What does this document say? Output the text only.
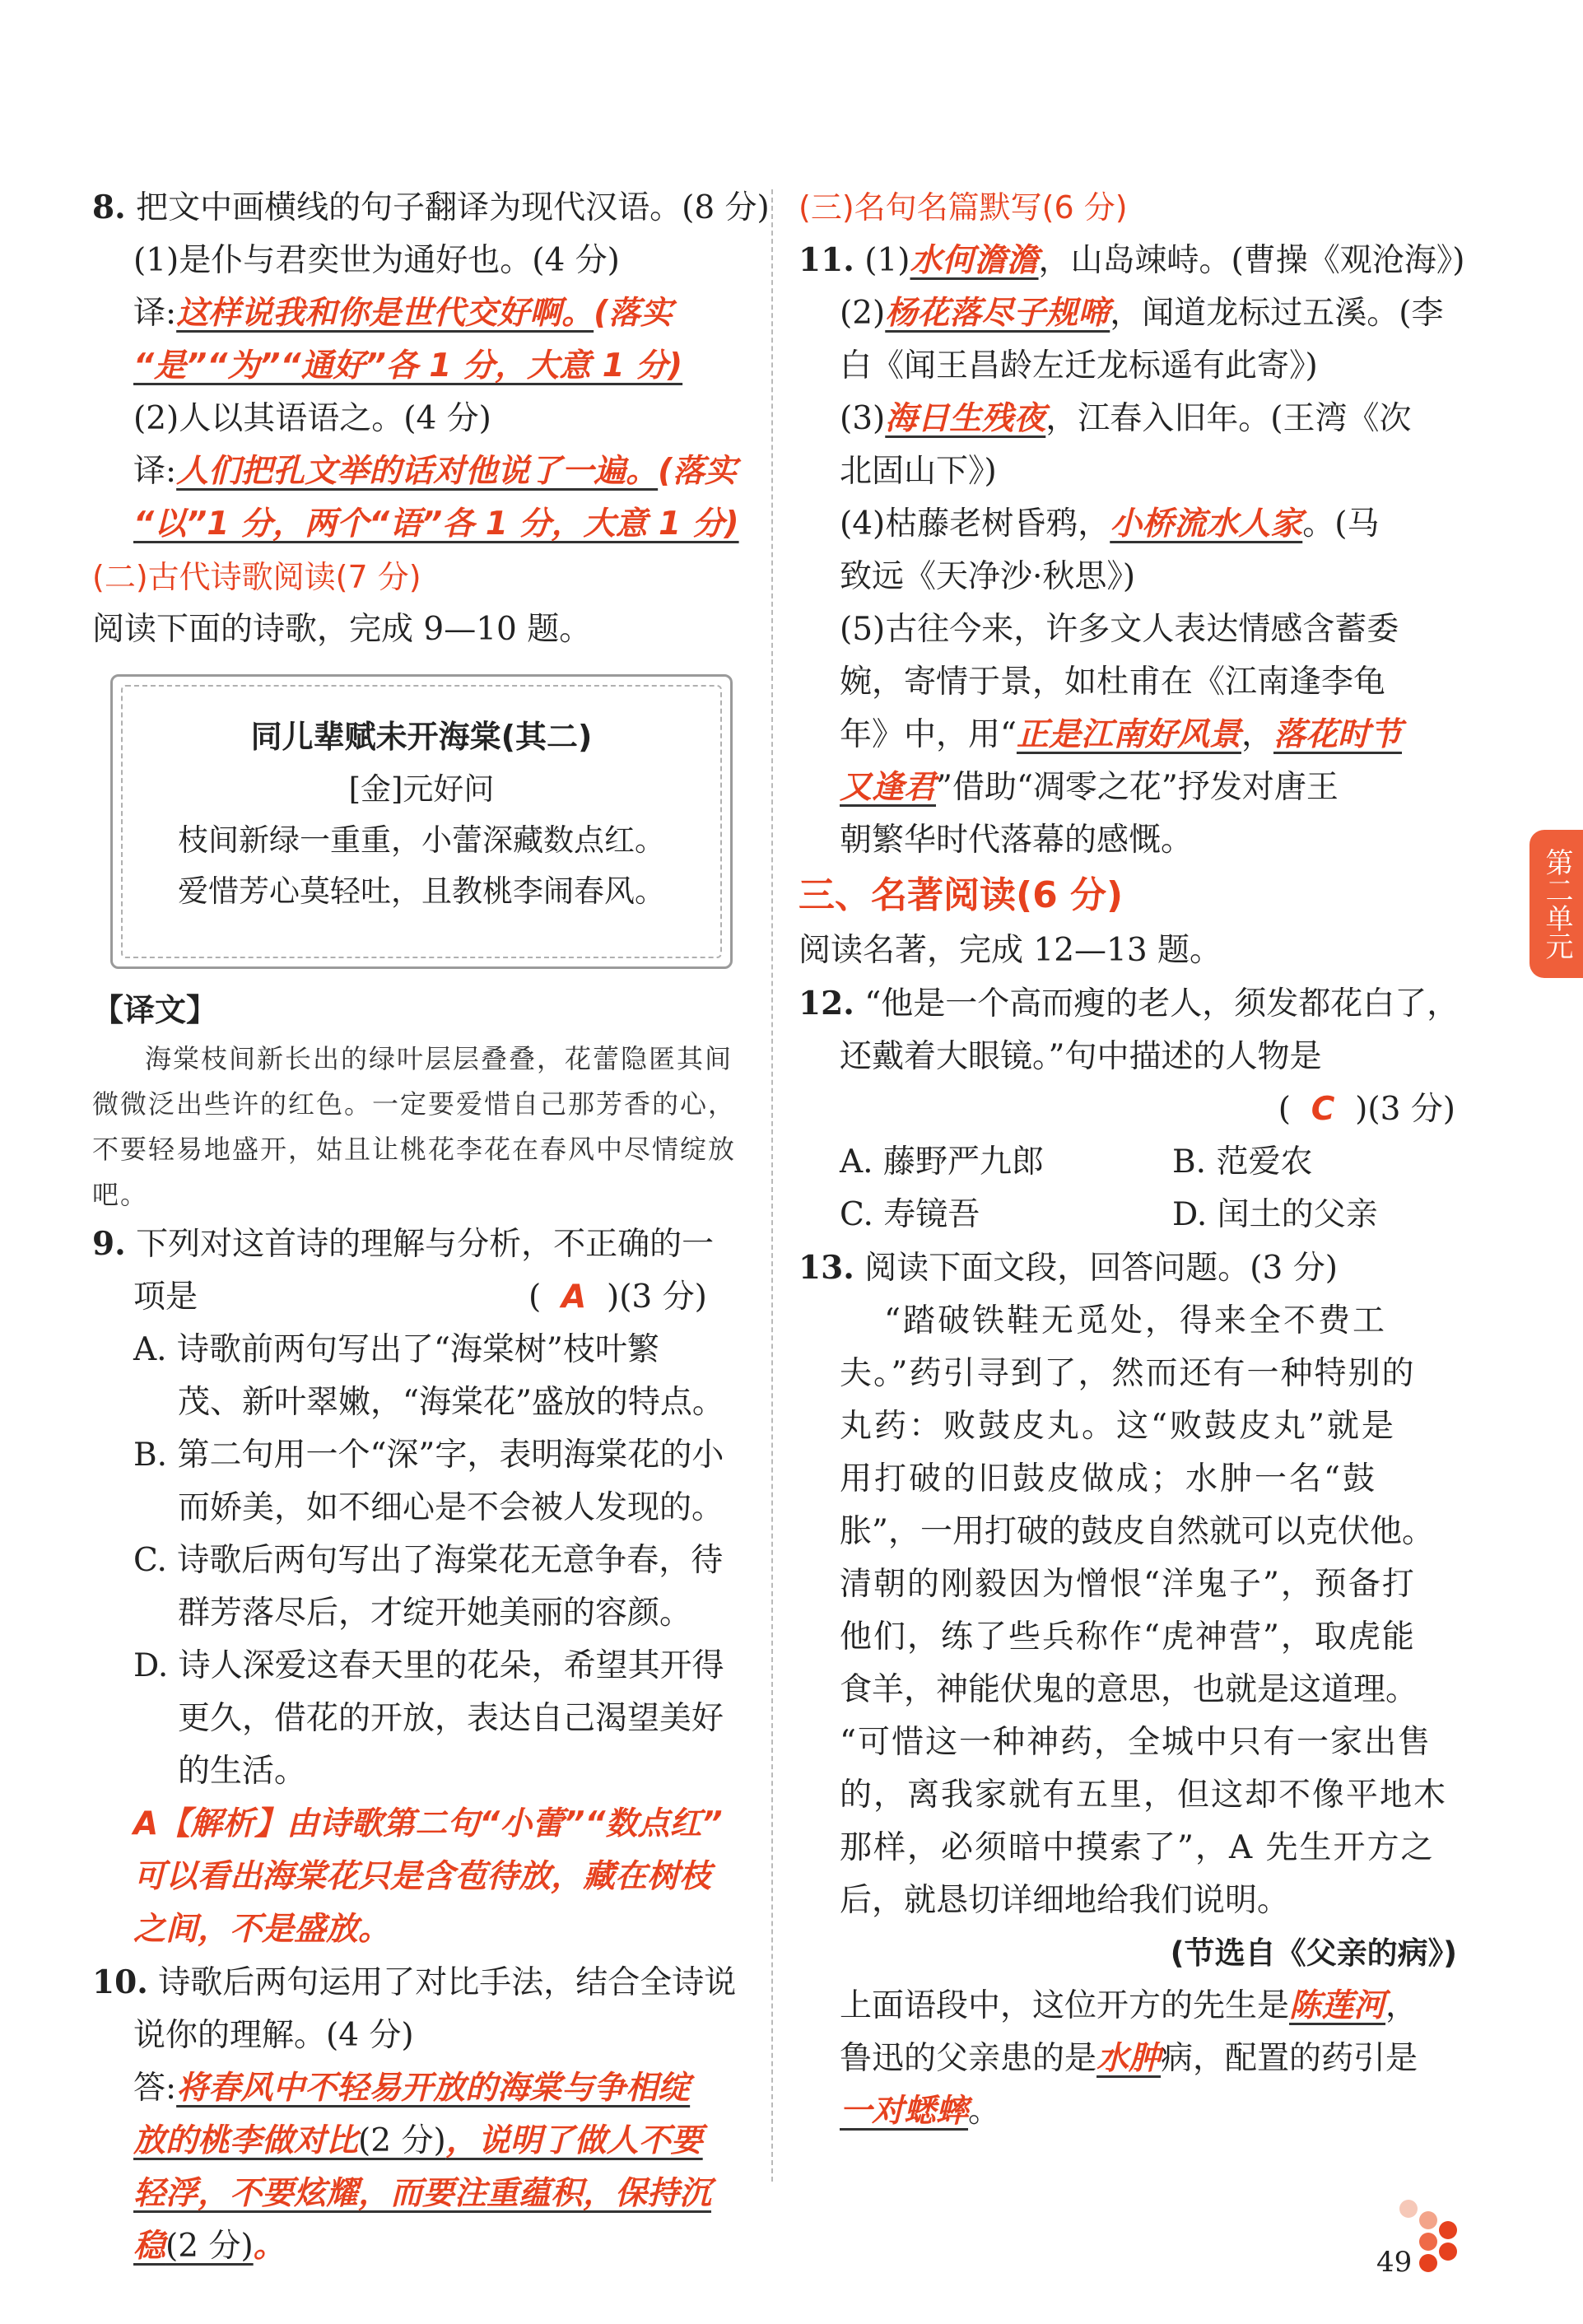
8. 把文中画横线的句子翻译为现代汉语。(8 分)
(1)是仆与君奕世为通好也。(4 分)
译:这样说我和你是世代交好啊。(落实
“是”“为”“通好”各 1 分，大意 1 分)
(2)人以其语语之。(4 分)
译:人们把孔文举的话对他说了一遍。(落实
“以”1 分，两个“语”各 1 分，大意 1 分)
(二)古代诗歌阅读(7 分)
阅读下面的诗歌，完成 9—10 题。
同儿辈赋未开海棠(其二)
[金]元好问
枝间新绿一重重，小蕾深藏数点红。
爱惜芳心莫轻吐，且教桃李闹春风。
【译文】
海棠枝间新长出的绿叶层层叠叠，花蕾隐匿其间微微泛出些许的红色。一定要爱惜自己那芳香的心，不要轻易地盛开，姑且让桃花李花在春风中尽情绽放吧。
9. 下列对这首诗的理解与分析，不正确的一
项是	( A )(3 分)
A. 诗歌前两句写出了“海棠树”枝叶繁
茂、新叶翠嫩，“海棠花”盛放的特点。
B. 第二句用一个“深”字，表明海棠花的小
而娇美，如不细心是不会被人发现的。
C. 诗歌后两句写出了海棠花无意争春，待
群芳落尽后，才绽开她美丽的容颜。
D. 诗人深爱这春天里的花朵，希望其开得
更久，借花的开放，表达自己渴望美好
的生活。
A【解析】由诗歌第二句“小蕾”“数点红”
可以看出海棠花只是含苞待放，藏在树枝
之间，不是盛放。
10. 诗歌后两句运用了对比手法，结合全诗说
说你的理解。(4 分)
答:将春风中不轻易开放的海棠与争相绽
放的桃李做对比(2 分)，说明了做人不要
轻浮，不要炫耀，而要注重蕴积，保持沉
稳(2 分)。
(三)名句名篇默写(6 分)
11. (1)水何澹澹，山岛竦峙。(曹操《观沧海》)
(2)杨花落尽子规啼，闻道龙标过五溪。(李
白《闻王昌龄左迁龙标遥有此寄》)
(3)海日生残夜，江春入旧年。(王湾《次
北固山下》)
(4)枯藤老树昏鸦，小桥流水人家。(马
致远《天净沙·秋思》)
(5)古往今来，许多文人表达情感含蓄委
婉，寄情于景，如杜甫在《江南逢李龟
年》中，用“正是江南好风景，落花时节
又逢君”借助“凋零之花”抒发对唐王
朝繁华时代落幕的感慨。
三、名著阅读(6 分)
阅读名著，完成 12—13 题。
12. “他是一个高而瘦的老人，须发都花白了，
还戴着大眼镜。”句中描述的人物是
( C )(3 分)
A. 藤野严九郎	B. 范爱农
C. 寿镜吾	D. 闰土的父亲
13. 阅读下面文段，回答问题。(3 分)
“踏破铁鞋无觅处，得来全不费工
夫。”药引寻到了，然而还有一种特别的
丸药：败鼓皮丸。这“败鼓皮丸”就是
用打破的旧鼓皮做成；水肿一名“鼓
胀”，一用打破的鼓皮自然就可以克伏他。
清朝的刚毅因为憎恨“洋鬼子”，预备打
他们，练了些兵称作“虎神营”，取虎能
食羊，神能伏鬼的意思，也就是这道理。
“可惜这一种神药，全城中只有一家出售
的，离我家就有五里，但这却不像平地木
那样，必须暗中摸索了”，A 先生开方之
后，就恳切详细地给我们说明。
(节选自《父亲的病》)
上面语段中，这位开方的先生是陈莲河，
鲁迅的父亲患的是水肿病，配置的药引是
一对蟋蟀。
第二单元
49
